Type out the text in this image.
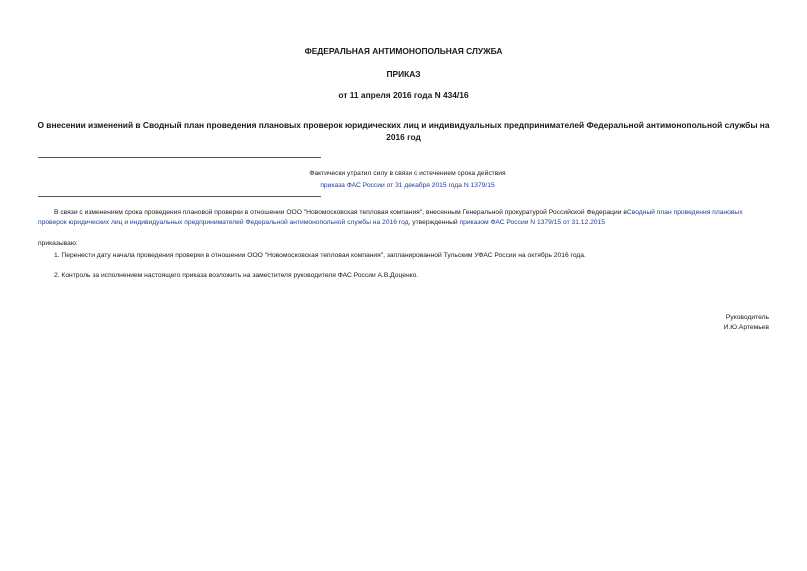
ФЕДЕРАЛЬНАЯ АНТИМОНОПОЛЬНАЯ СЛУЖБА
ПРИКАЗ
от 11 апреля 2016 года N 434/16
О внесении изменений в Сводный план проведения плановых проверок юридических лиц и индивидуальных предпринимателей Федеральной антимонопольной службы на 2016 год
Фактически утратил силу в связи с истечением срока действия
приказа ФАС России от 31 декабря 2015 года N 1379/15
В связи с изменением срока проведения плановой проверки в отношении ООО "Новомосковская тепловая компания", внесенным Генеральной прокуратурой Российской Федерации вСводный план проведения плановых проверок юридических лиц и индивидуальных предпринимателей Федеральной антимонопольной службы на 2016 год, утвержденный приказом ФАС России N 1379/15 от 31.12.2015
приказываю:
1. Перенести дату начала проведения проверки в отношении ООО "Новомосковская тепловая компания", запланированной Тульским УФАС России на октябрь 2016 года.
2. Контроль за исполнением настоящего приказа возложить на заместителя руководителя ФАС России А.В.Доценко.
Руководитель
И.Ю.Артемьев
